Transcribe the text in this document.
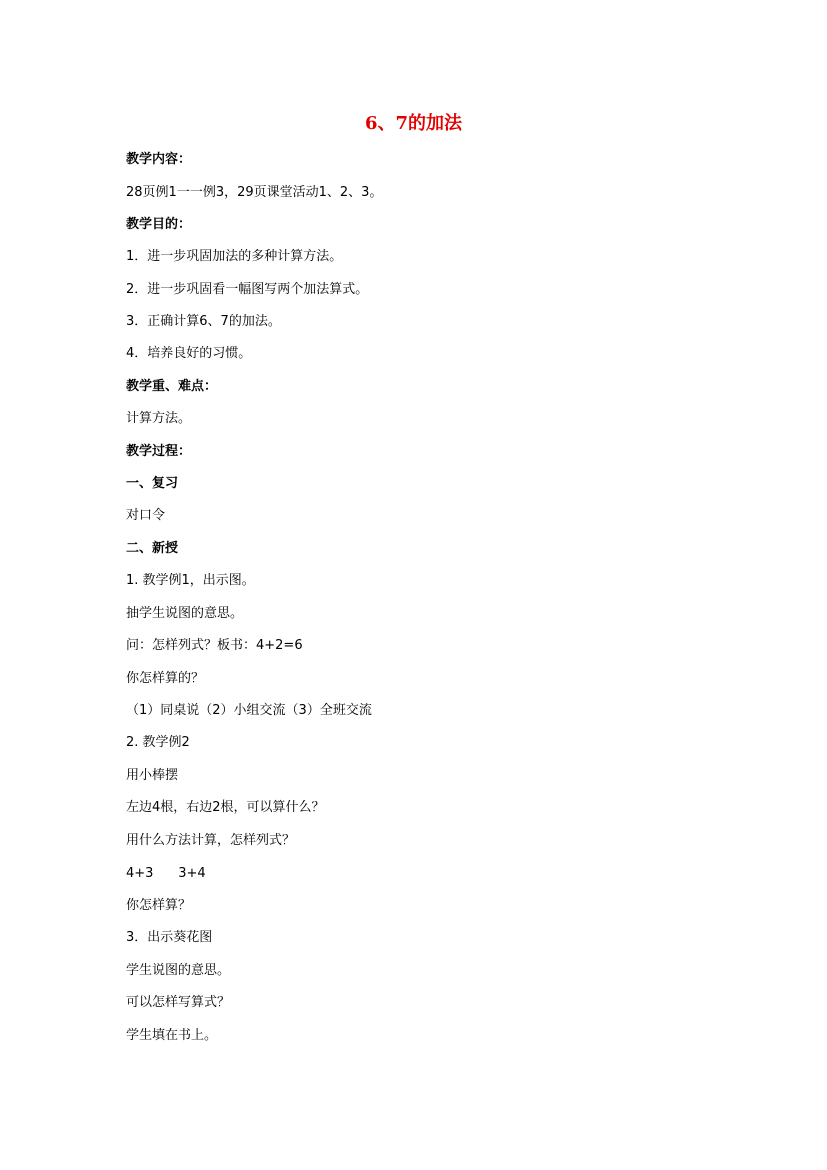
6、7的加法

教学内容：

28页例1一一例3，29页课堂活动1、2、3。

教学目的：

1．进一步巩固加法的多种计算方法。

2．进一步巩固看一幅图写两个加法算式。

3．正确计算6、7的加法。

4．培养良好的习惯。

教学重、难点：

计算方法。

教学过程：

一、复习

对口令

二、新授

1. 教学例1，出示图。

抽学生说图的意思。

问：怎样列式？板书：4+2=6

你怎样算的？

（1）同桌说（2）小组交流（3）全班交流

2. 教学例2

用小棒摆

左边4根，右边2根，可以算什么？

用什么方法计算，怎样列式？

4+3      3+4

你怎样算？

3．出示葵花图

学生说图的意思。

可以怎样写算式？

学生填在书上。
